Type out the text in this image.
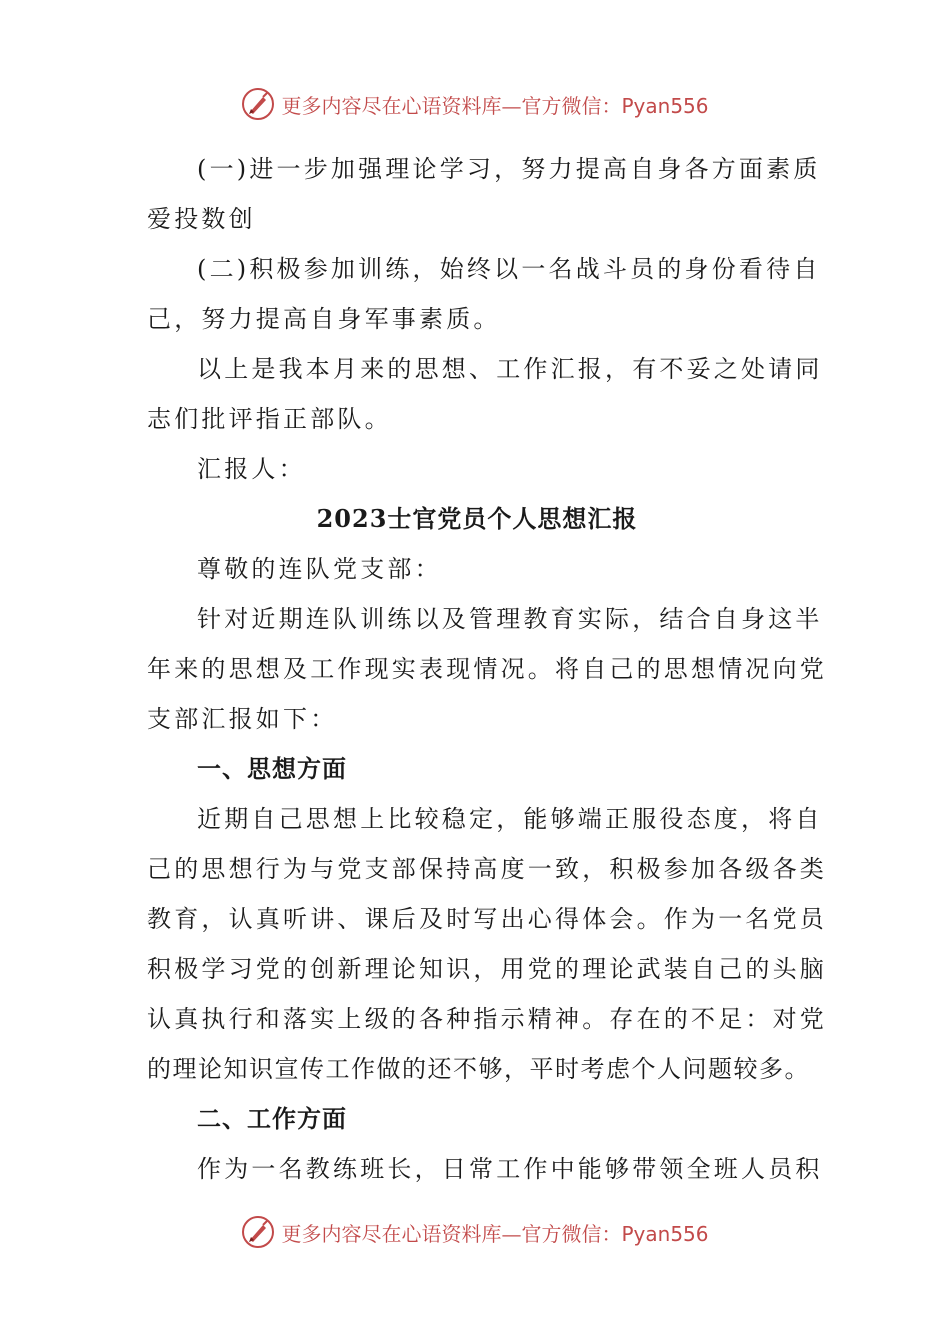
更多内容尽在心语资料库—官方微信：Pyan556
(一)进一步加强理论学习，努力提高自身各方面素质
爱投数创
(二)积极参加训练，始终以一名战斗员的身份看待自
己，努力提高自身军事素质。
以上是我本月来的思想、工作汇报，有不妥之处请同
志们批评指正部队。
汇报人：
2023士官党员个人思想汇报
尊敬的连队党支部：
针对近期连队训练以及管理教育实际，结合自身这半
年来的思想及工作现实表现情况。将自己的思想情况向党
支部汇报如下：
一、思想方面
近期自己思想上比较稳定，能够端正服役态度，将自
己的思想行为与党支部保持高度一致，积极参加各级各类
教育，认真听讲、课后及时写出心得体会。作为一名党员
积极学习党的创新理论知识，用党的理论武装自己的头脑
认真执行和落实上级的各种指示精神。存在的不足：对党
的理论知识宣传工作做的还不够，平时考虑个人问题较多。
二、工作方面
作为一名教练班长，日常工作中能够带领全班人员积
更多内容尽在心语资料库—官方微信：Pyan556
